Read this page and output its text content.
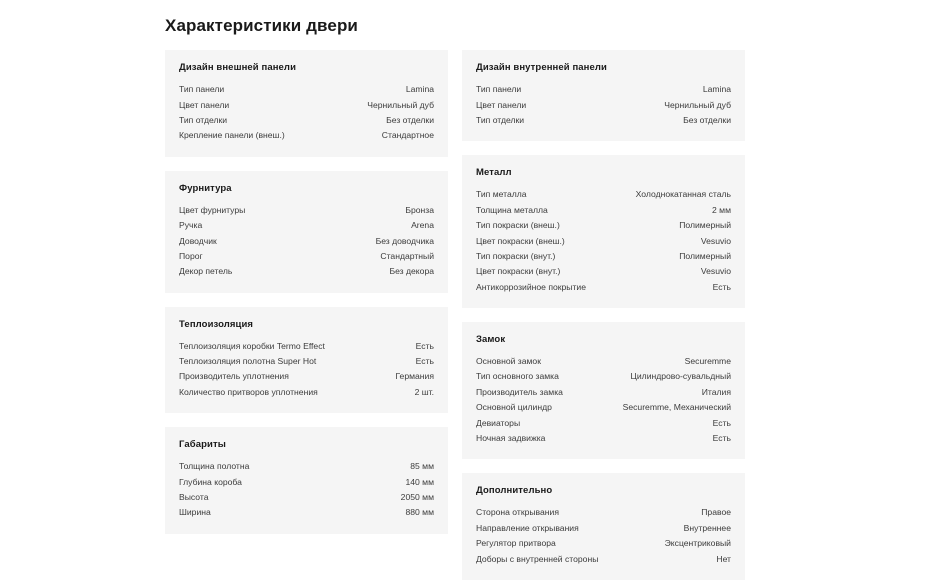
Характеристики двери
Дизайн внешней панели
Тип панели	Lamina
Цвет панели	Чернильный дуб
Тип отделки	Без отделки
Крепление панели (внеш.)	Стандартное
Фурнитура
Цвет фурнитуры	Бронза
Ручка	Arena
Доводчик	Без доводчика
Порог	Стандартный
Декор петель	Без декора
Теплоизоляция
Теплоизоляция коробки Termo Effect	Есть
Теплоизоляция полотна Super Hot	Есть
Производитель уплотнения	Германия
Количество притворов уплотнения	2 шт.
Габариты
Толщина полотна	85 мм
Глубина короба	140 мм
Высота	2050 мм
Ширина	880 мм
Дизайн внутренней панели
Тип панели	Lamina
Цвет панели	Чернильный дуб
Тип отделки	Без отделки
Металл
Тип металла	Холоднокатанная сталь
Толщина металла	2 мм
Тип покраски (внеш.)	Полимерный
Цвет покраски (внеш.)	Vesuvio
Тип покраски (внут.)	Полимерный
Цвет покраски (внут.)	Vesuvio
Антикоррозийное покрытие	Есть
Замок
Основной замок	Securemme
Тип основного замка	Цилиндрово-сувальдный
Производитель замка	Италия
Основной цилиндр	Securemme, Механический
Девиаторы	Есть
Ночная задвижка	Есть
Дополнительно
Сторона открывания	Правое
Направление открывания	Внутреннее
Регулятор притвора	Эксцентриковый
Доборы с внутренней стороны	Нет
